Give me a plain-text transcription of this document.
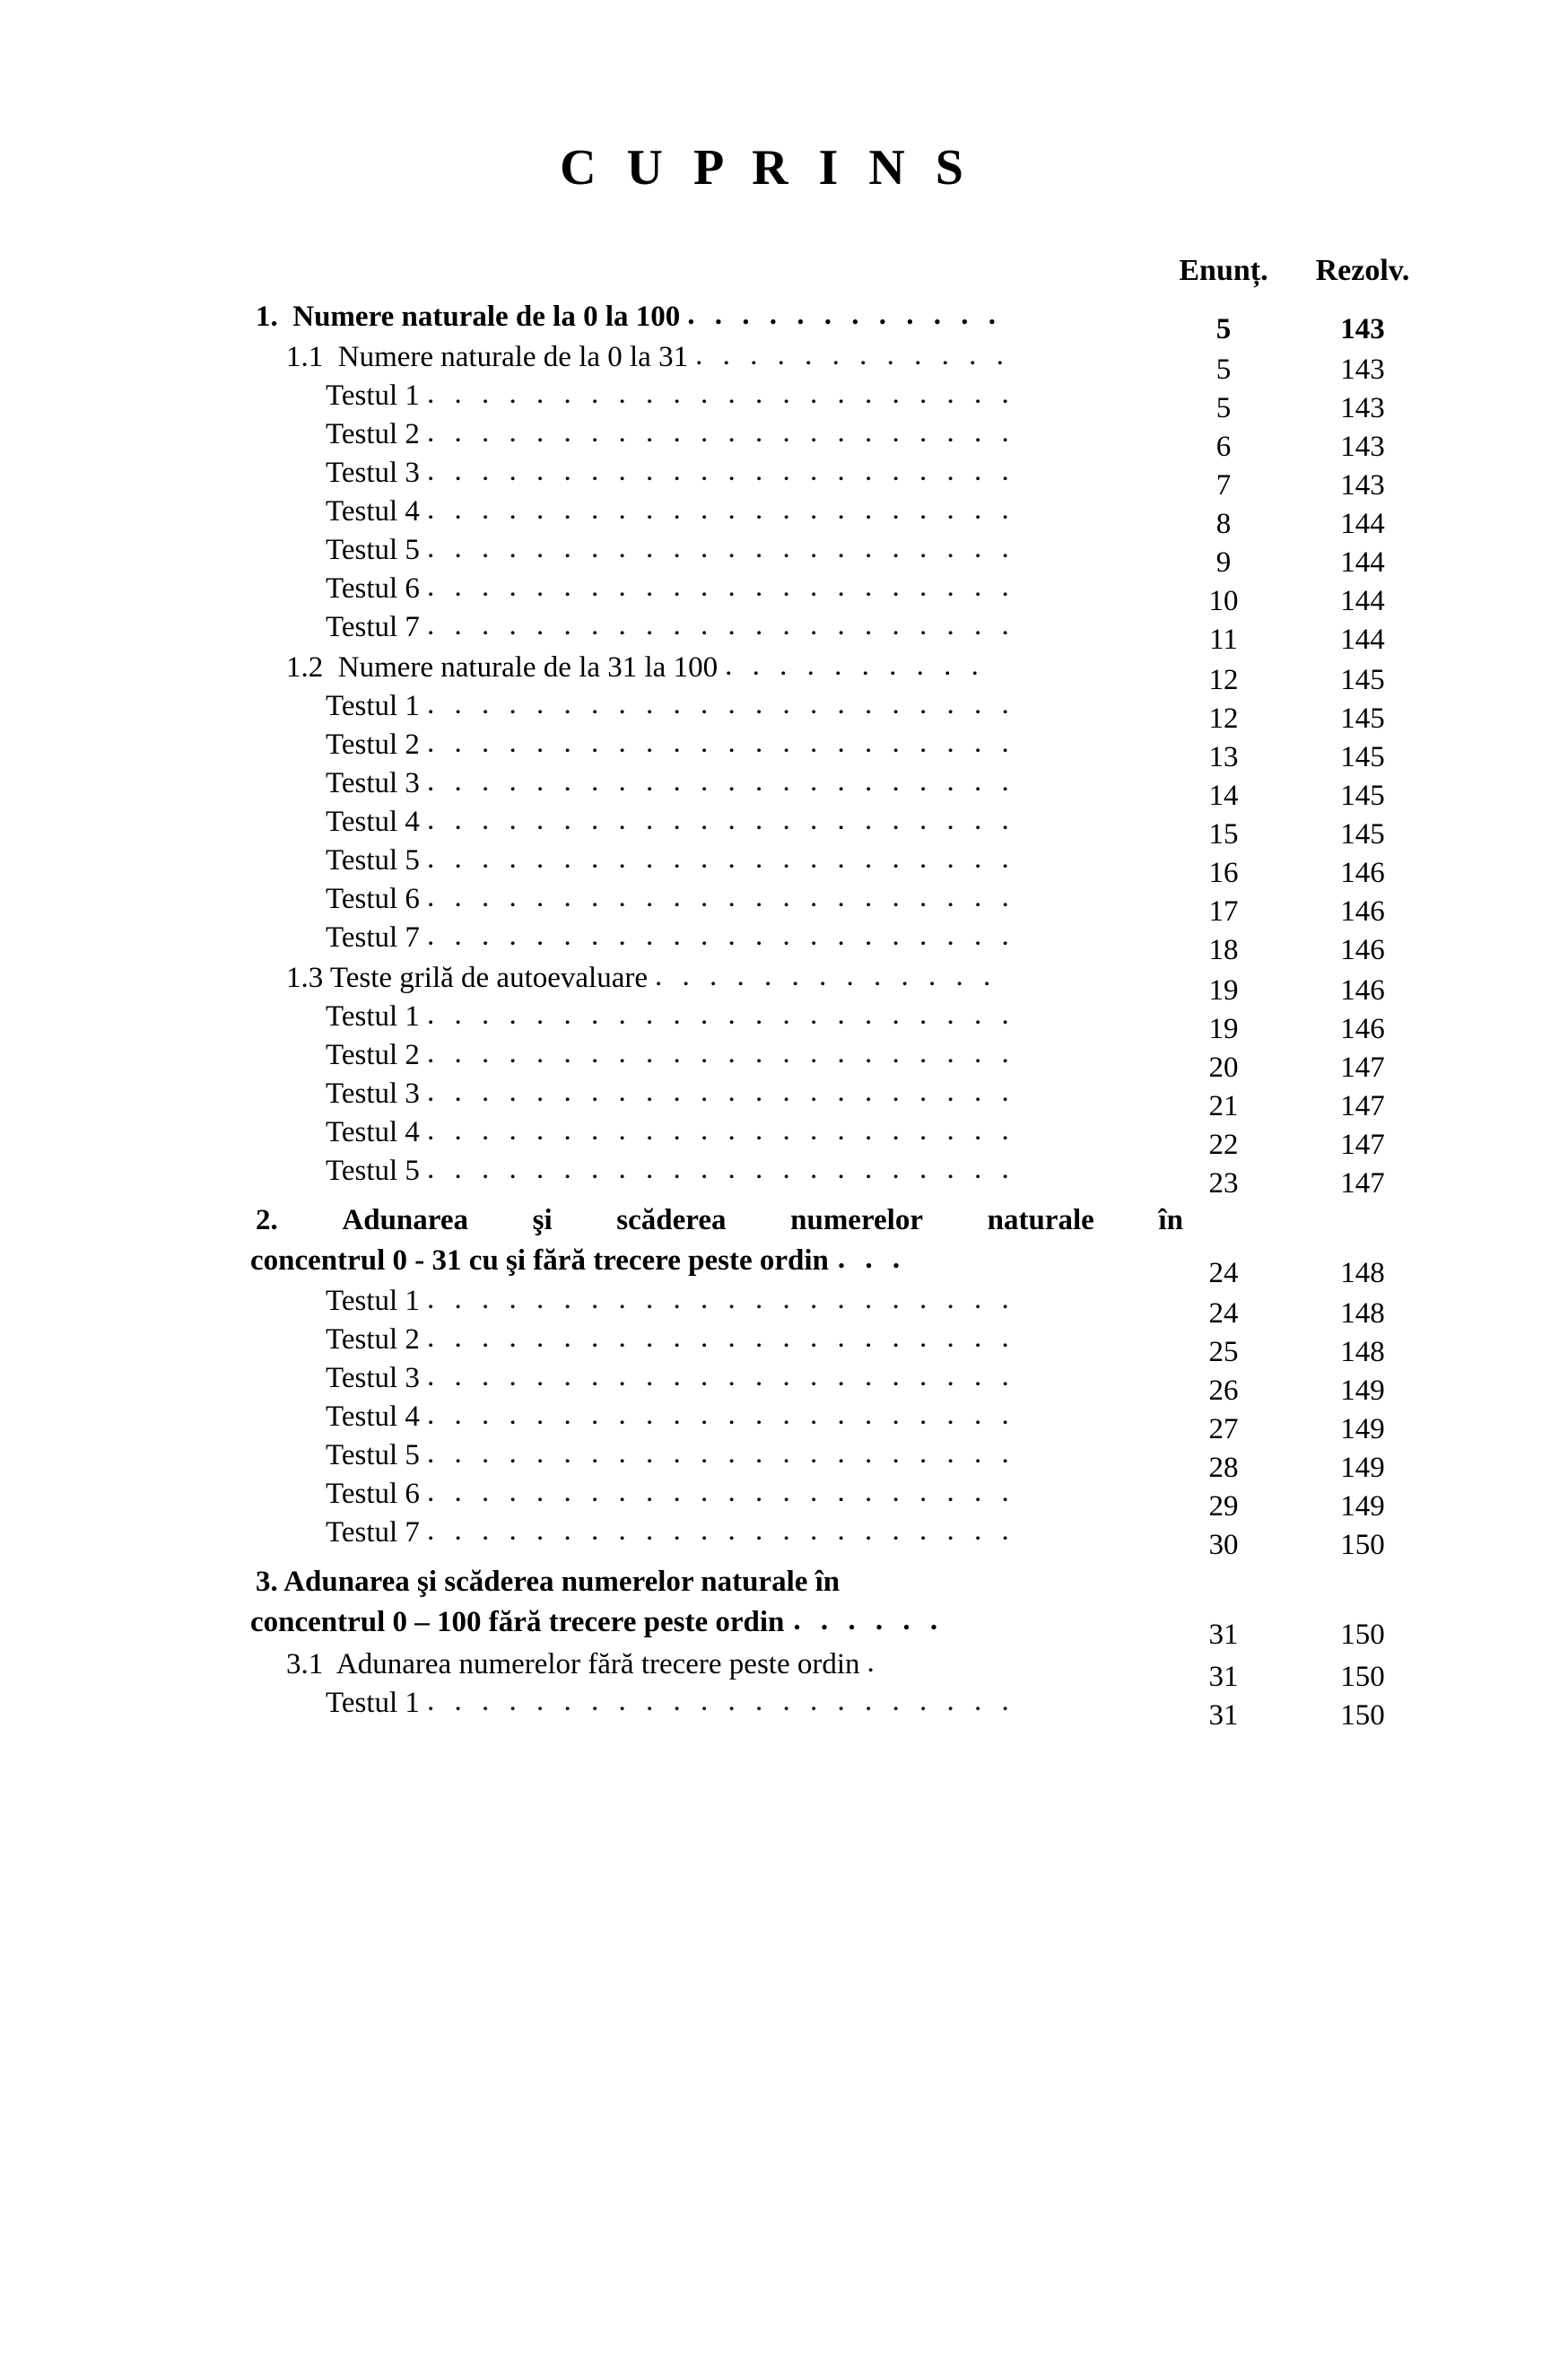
C U P R I N S
Enunț.	Rezolv.
1.  Numere naturale de la 0 la 100 . . . . . . . . . . . .	5	143
1.1  Numere naturale de la 0 la 31 . . . . . . . . . . . .	5	143
Testul 1 . . . . . . . . . . . . . . . . . . . . . .	5	143
Testul 2 . . . . . . . . . . . . . . . . . . . . . .	6	143
Testul 3 . . . . . . . . . . . . . . . . . . . . . .	7	143
Testul 4 . . . . . . . . . . . . . . . . . . . . . .	8	144
Testul 5 . . . . . . . . . . . . . . . . . . . . . .	9	144
Testul 6 . . . . . . . . . . . . . . . . . . . . . .	10	144
Testul 7 . . . . . . . . . . . . . . . . . . . . . .	11	144
1.2  Numere naturale de la 31 la 100 . . . . . . . . . .	12	145
Testul 1 . . . . . . . . . . . . . . . . . . . . . .	12	145
Testul 2 . . . . . . . . . . . . . . . . . . . . . .	13	145
Testul 3 . . . . . . . . . . . . . . . . . . . . . .	14	145
Testul 4 . . . . . . . . . . . . . . . . . . . . . .	15	145
Testul 5 . . . . . . . . . . . . . . . . . . . . . .	16	146
Testul 6 . . . . . . . . . . . . . . . . . . . . . .	17	146
Testul 7 . . . . . . . . . . . . . . . . . . . . . .	18	146
1.3 Teste grilă de autoevaluare . . . . . . . . . . . . .	19	146
Testul 1 . . . . . . . . . . . . . . . . . . . . . .	19	146
Testul 2 . . . . . . . . . . . . . . . . . . . . . .	20	147
Testul 3 . . . . . . . . . . . . . . . . . . . . . .	21	147
Testul 4 . . . . . . . . . . . . . . . . . . . . . .	22	147
Testul 5 . . . . . . . . . . . . . . . . . . . . . .	23	147
2. Adunarea şi scăderea numerelor naturale în
concentrul 0 - 31 cu şi fără trecere peste ordin . . .	24	148
Testul 1 . . . . . . . . . . . . . . . . . . . . . .	24	148
Testul 2 . . . . . . . . . . . . . . . . . . . . . .	25	148
Testul 3 . . . . . . . . . . . . . . . . . . . . . .	26	149
Testul 4 . . . . . . . . . . . . . . . . . . . . . .	27	149
Testul 5 . . . . . . . . . . . . . . . . . . . . . .	28	149
Testul 6 . . . . . . . . . . . . . . . . . . . . . .	29	149
Testul 7 . . . . . . . . . . . . . . . . . . . . . .	30	150
3. Adunarea şi scăderea numerelor naturale în
concentrul 0 – 100 fără trecere peste ordin . . . . . .	31	150
3.1  Adunarea numerelor fără trecere peste ordin .	31	150
Testul 1 . . . . . . . . . . . . . . . . . . . . . .	31	150
